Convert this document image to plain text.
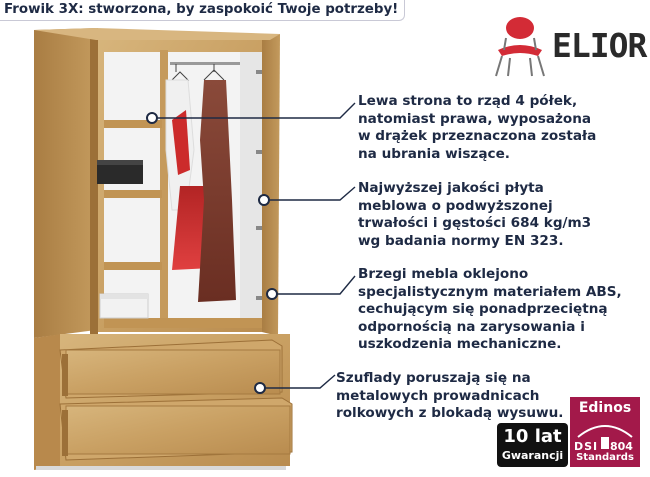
Frowik 3X: stworzona, by zaspokoić Twoje potrzeby!
ELIOR
Lewa strona to rząd 4 półek,
natomiast prawa, wyposażona
w drążek przeznaczona została
na ubrania wiszące.
Najwyższej jakości płyta
meblowa o podwyższonej
trwałości i gęstości 684 kg/m3
wg badania normy EN 323.
Brzegi mebla oklejono
specjalistycznym materiałem ABS,
cechującym się ponadprzeciętną
odpornością na zarysowania i
uszkodzenia mechaniczne.
Szuflady poruszają się na
metalowych prowadnicach
rolkowych z blokadą wysuwu.
10 lat
Gwarancji
Edinos
DSI 804
Standards
